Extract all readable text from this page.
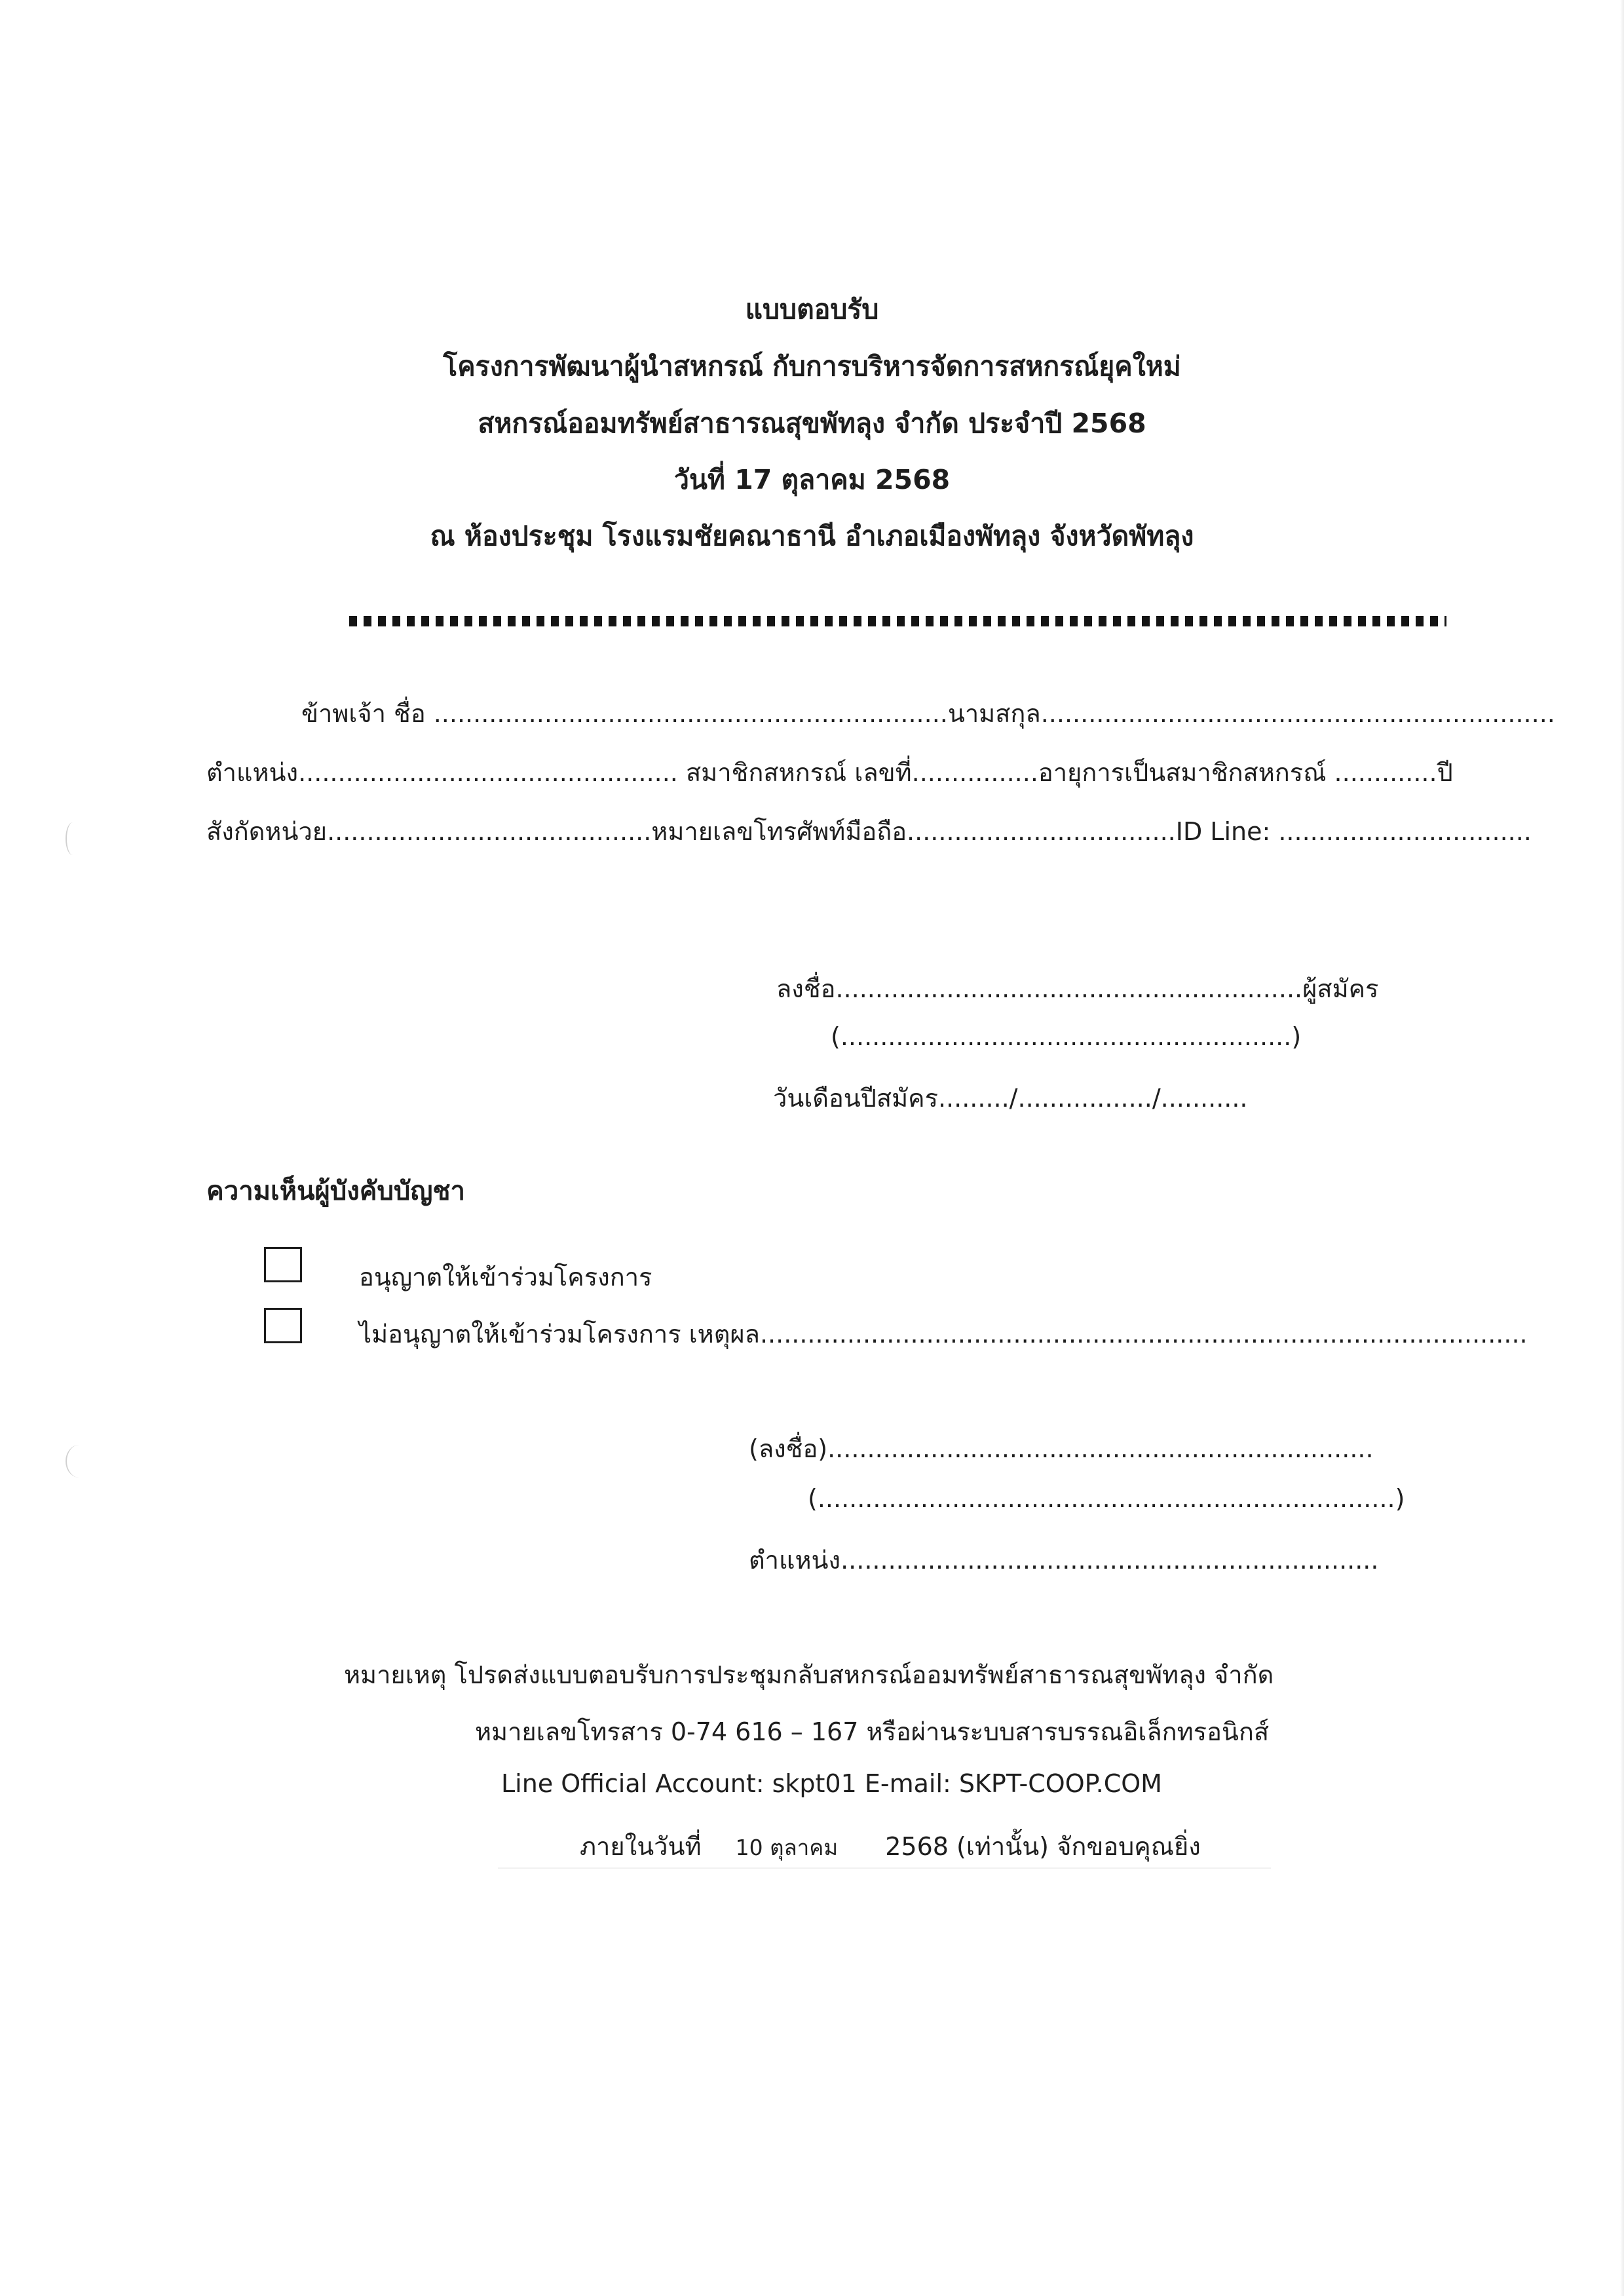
แบบตอบรับ
โครงการพัฒนาผู้นำสหกรณ์ กับการบริหารจัดการสหกรณ์ยุคใหม่
สหกรณ์ออมทรัพย์สาธารณสุขพัทลุง จำกัด ประจำปี 2568
วันที่ 17 ตุลาคม 2568
ณ ห้องประชุม โรงแรมชัยคณาธานี อำเภอเมืองพัทลุง จังหวัดพัทลุง
ข้าพเจ้า ชื่อ .................................................................นามสกุล.................................................................
ตำแหน่ง................................................ สมาชิกสหกรณ์ เลขที่................อายุการเป็นสมาชิกสหกรณ์ .............ปี
สังกัดหน่วย.........................................หมายเลขโทรศัพท์มือถือ..................................ID Line: ................................
ลงชื่อ...........................................................ผู้สมัคร
(.........................................................)
วันเดือนปีสมัคร........./................./...........
ความเห็นผู้บังคับบัญชา
อนุญาตให้เข้าร่วมโครงการ
ไม่อนุญาตให้เข้าร่วมโครงการ เหตุผล.................................................................................................
(ลงชื่อ).....................................................................
(.........................................................................)
ตำแหน่ง....................................................................
หมายเหตุ โปรดส่งแบบตอบรับการประชุมกลับสหกรณ์ออมทรัพย์สาธารณสุขพัทลุง จำกัด
หมายเลขโทรสาร 0-74 616 – 167 หรือผ่านระบบสารบรรณอิเล็กทรอนิกส์
Line Official Account: skpt01 E-mail: SKPT-COOP.COM
ภายในวันที่ 10 ตุลาคม 2568 (เท่านั้น) จักขอบคุณยิ่ง
